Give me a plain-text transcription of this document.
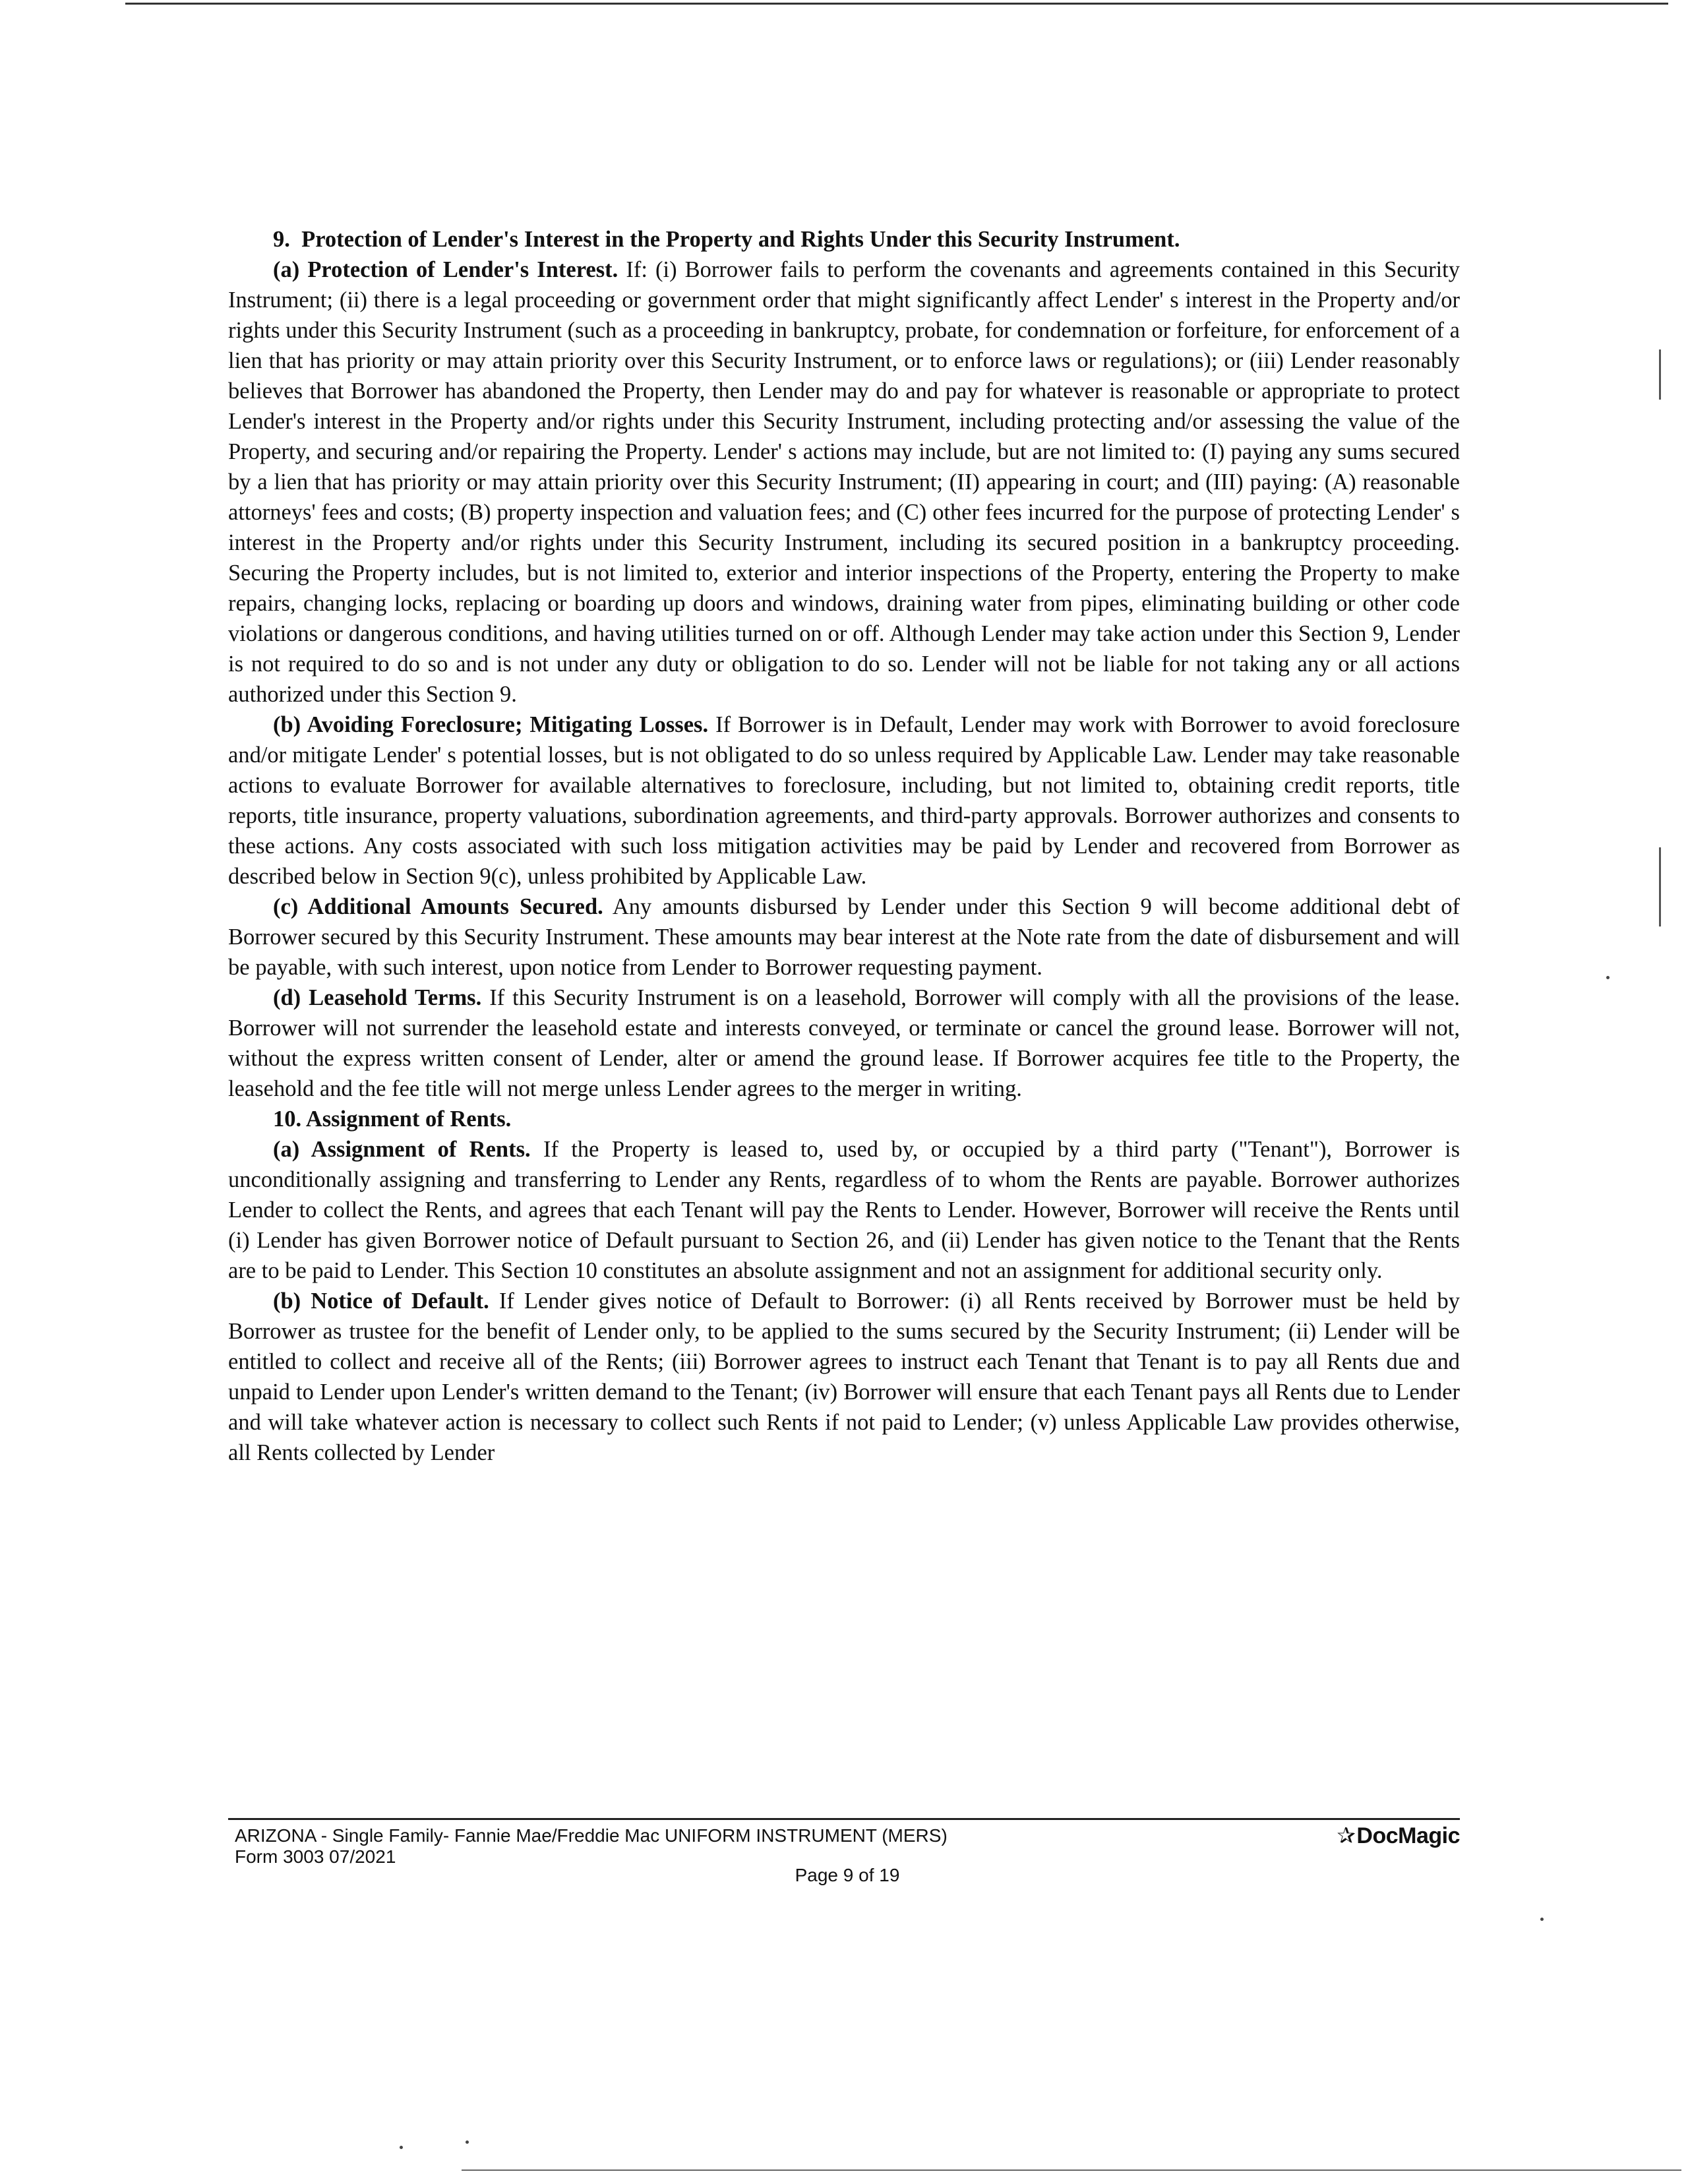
9. Protection of Lender's Interest in the Property and Rights Under this Security Instrument.

(a) Protection of Lender's Interest. If: (i) Borrower fails to perform the covenants and agreements contained in this Security Instrument; (ii) there is a legal proceeding or government order that might significantly affect Lender' s interest in the Property and/or rights under this Security Instrument (such as a proceeding in bankruptcy, probate, for condemnation or forfeiture, for enforcement of a lien that has priority or may attain priority over this Security Instrument, or to enforce laws or regulations); or (iii) Lender reasonably believes that Borrower has abandoned the Property, then Lender may do and pay for whatever is reasonable or appropriate to protect Lender's interest in the Property and/or rights under this Security Instrument, including protecting and/or assessing the value of the Property, and securing and/or repairing the Property. Lender' s actions may include, but are not limited to: (I) paying any sums secured by a lien that has priority or may attain priority over this Security Instrument; (II) appearing in court; and (III) paying: (A) reasonable attorneys' fees and costs; (B) property inspection and valuation fees; and (C) other fees incurred for the purpose of protecting Lender' s interest in the Property and/or rights under this Security Instrument, including its secured position in a bankruptcy proceeding. Securing the Property includes, but is not limited to, exterior and interior inspections of the Property, entering the Property to make repairs, changing locks, replacing or boarding up doors and windows, draining water from pipes, eliminating building or other code violations or dangerous conditions, and having utilities turned on or off. Although Lender may take action under this Section 9, Lender is not required to do so and is not under any duty or obligation to do so. Lender will not be liable for not taking any or all actions authorized under this Section 9.

(b) Avoiding Foreclosure; Mitigating Losses. If Borrower is in Default, Lender may work with Borrower to avoid foreclosure and/or mitigate Lender' s potential losses, but is not obligated to do so unless required by Applicable Law. Lender may take reasonable actions to evaluate Borrower for available alternatives to foreclosure, including, but not limited to, obtaining credit reports, title reports, title insurance, property valuations, subordination agreements, and third-party approvals. Borrower authorizes and consents to these actions. Any costs associated with such loss mitigation activities may be paid by Lender and recovered from Borrower as described below in Section 9(c), unless prohibited by Applicable Law.

(c) Additional Amounts Secured. Any amounts disbursed by Lender under this Section 9 will become additional debt of Borrower secured by this Security Instrument. These amounts may bear interest at the Note rate from the date of disbursement and will be payable, with such interest, upon notice from Lender to Borrower requesting payment.

(d) Leasehold Terms. If this Security Instrument is on a leasehold, Borrower will comply with all the provisions of the lease. Borrower will not surrender the leasehold estate and interests conveyed, or terminate or cancel the ground lease. Borrower will not, without the express written consent of Lender, alter or amend the ground lease. If Borrower acquires fee title to the Property, the leasehold and the fee title will not merge unless Lender agrees to the merger in writing.

10. Assignment of Rents.

(a) Assignment of Rents. If the Property is leased to, used by, or occupied by a third party ("Tenant"), Borrower is unconditionally assigning and transferring to Lender any Rents, regardless of to whom the Rents are payable. Borrower authorizes Lender to collect the Rents, and agrees that each Tenant will pay the Rents to Lender. However, Borrower will receive the Rents until (i) Lender has given Borrower notice of Default pursuant to Section 26, and (ii) Lender has given notice to the Tenant that the Rents are to be paid to Lender. This Section 10 constitutes an absolute assignment and not an assignment for additional security only.

(b) Notice of Default. If Lender gives notice of Default to Borrower: (i) all Rents received by Borrower must be held by Borrower as trustee for the benefit of Lender only, to be applied to the sums secured by the Security Instrument; (ii) Lender will be entitled to collect and receive all of the Rents; (iii) Borrower agrees to instruct each Tenant that Tenant is to pay all Rents due and unpaid to Lender upon Lender's written demand to the Tenant; (iv) Borrower will ensure that each Tenant pays all Rents due to Lender and will take whatever action is necessary to collect such Rents if not paid to Lender; (v) unless Applicable Law provides otherwise, all Rents collected by Lender

ARIZONA - Single Family- Fannie Mae/Freddie Mac UNIFORM INSTRUMENT (MERS)
Form 3003 07/2021
✰DocMagic
Page 9 of 19
